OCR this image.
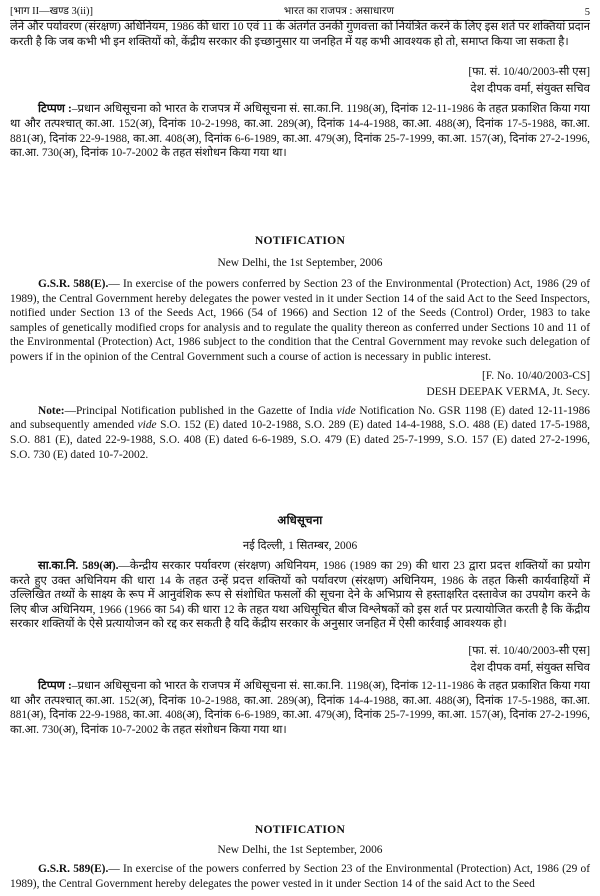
[भाग II—खण्ड 3(ii)]	भारत का राजपत्र : असाधारण	5

लेने और पर्यावरण (संरक्षण) अधिनियम, 1986 की धारा 10 एवं 11 के अंतर्गत उनकी गुणवत्ता को नियंत्रित करने के लिए इस शर्त पर शक्तियां प्रदान करती है कि जब कभी भी इन शक्तियों को, केंद्रीय सरकार की इच्छानुसार या जनहित में यह कभी आवश्यक हो तो, समाप्त किया जा सकता है।

[फा. सं. 10/40/2003-सी एस]
देश दीपक वर्मा, संयुक्त सचिव

टिप्पण :–प्रधान अधिसूचना को भारत के राजपत्र में अधिसूचना सं. सा.का.नि. 1198(अ), दिनांक 12-11-1986 के तहत प्रकाशित किया गया था और तत्पश्चात् का.आ. 152(अ), दिनांक 10-2-1998, का.आ. 289(अ), दिनांक 14-4-1988, का.आ. 488(अ), दिनांक 17-5-1988, का.आ. 881(अ), दिनांक 22-9-1988, का.आ. 408(अ), दिनांक 6-6-1989, का.आ. 479(अ), दिनांक 25-7-1999, का.आ. 157(अ), दिनांक 27-2-1996, का.आ. 730(अ), दिनांक 10-7-2002 के तहत संशोधन किया गया था।

NOTIFICATION
New Delhi, the 1st September, 2006

G.S.R. 588(E).— In exercise of the powers conferred by Section 23 of the Environmental (Protection) Act, 1986 (29 of 1989), the Central Government hereby delegates the power vested in it under Section 14 of the said Act to the Seed Inspectors, notified under Section 13 of the Seeds Act, 1966 (54 of 1966) and Section 12 of the Seeds (Control) Order, 1983 to take samples of genetically modified crops for analysis and to regulate the quality thereon as conferred under Sections 10 and 11 of the Environmental (Protection) Act, 1986 subject to the condition that the Central Government may revoke such delegation of powers if in the opinion of the Central Government such a course of action is necessary in public interest.

[F. No. 10/40/2003-CS]
DESH DEEPAK VERMA, Jt. Secy.

Note:—Principal Notification published in the Gazette of India vide Notification No. GSR 1198 (E) dated 12-11-1986 and subsequently amended vide S.O. 152 (E) dated 10-2-1988, S.O. 289 (E) dated 14-4-1988, S.O. 488 (E) dated 17-5-1988, S.O. 881 (E), dated 22-9-1988, S.O. 408 (E) dated 6-6-1989, S.O. 479 (E) dated 25-7-1999, S.O. 157 (E) dated 27-2-1996, S.O. 730 (E) dated 10-7-2002.

अधिसूचना
नई दिल्ली, 1 सितम्बर, 2006

सा.का.नि. 589(अ).—केन्द्रीय सरकार पर्यावरण (संरक्षण) अधिनियम, 1986 (1989 का 29) की धारा 23 द्वारा प्रदत्त शक्तियों का प्रयोग करते हुए उक्त अधिनियम की धारा 14 के तहत उन्हें प्रदत्त शक्तियों को पर्यावरण (संरक्षण) अधिनियम, 1986 के तहत किसी कार्यवाहियों में उल्लिखित तथ्यों के साक्ष्य के रूप में आनुवंशिक रूप से संशोधित फसलों की सूचना देने के अभिप्राय से हस्ताक्षरित दस्तावेज का उपयोग करने के लिए बीज अधिनियम, 1966 (1966 का 54) की धारा 12 के तहत यथा अधिसूचित बीज विश्लेषकों को इस शर्त पर प्रत्यायोजित करती है कि केंद्रीय सरकार शक्तियों के ऐसे प्रत्यायोजन को रद्द कर सकती है यदि केंद्रीय सरकार के अनुसार जनहित में ऐसी कार्रवाई आवश्यक हो।

[फा. सं. 10/40/2003-सी एस]
देश दीपक वर्मा, संयुक्त सचिव

टिप्पण :–प्रधान अधिसूचना को भारत के राजपत्र में अधिसूचना सं. सा.का.नि. 1198(अ), दिनांक 12-11-1986 के तहत प्रकाशित किया गया था और तत्पश्चात् का.आ. 152(अ), दिनांक 10-2-1988, का.आ. 289(अ), दिनांक 14-4-1988, का.आ. 488(अ), दिनांक 17-5-1988, का.आ. 881(अ), दिनांक 22-9-1988, का.आ. 408(अ), दिनांक 6-6-1989, का.आ. 479(अ), दिनांक 25-7-1999, का.आ. 157(अ), दिनांक 27-2-1996, का.आ. 730(अ), दिनांक 10-7-2002 के तहत संशोधन किया गया था।

NOTIFICATION
New Delhi, the 1st September, 2006

G.S.R. 589(E).— In exercise of the powers conferred by Section 23 of the Environmental (Protection) Act, 1986 (29 of 1989), the Central Government hereby delegates the power vested in it under Section 14 of the said Act to the Seed
